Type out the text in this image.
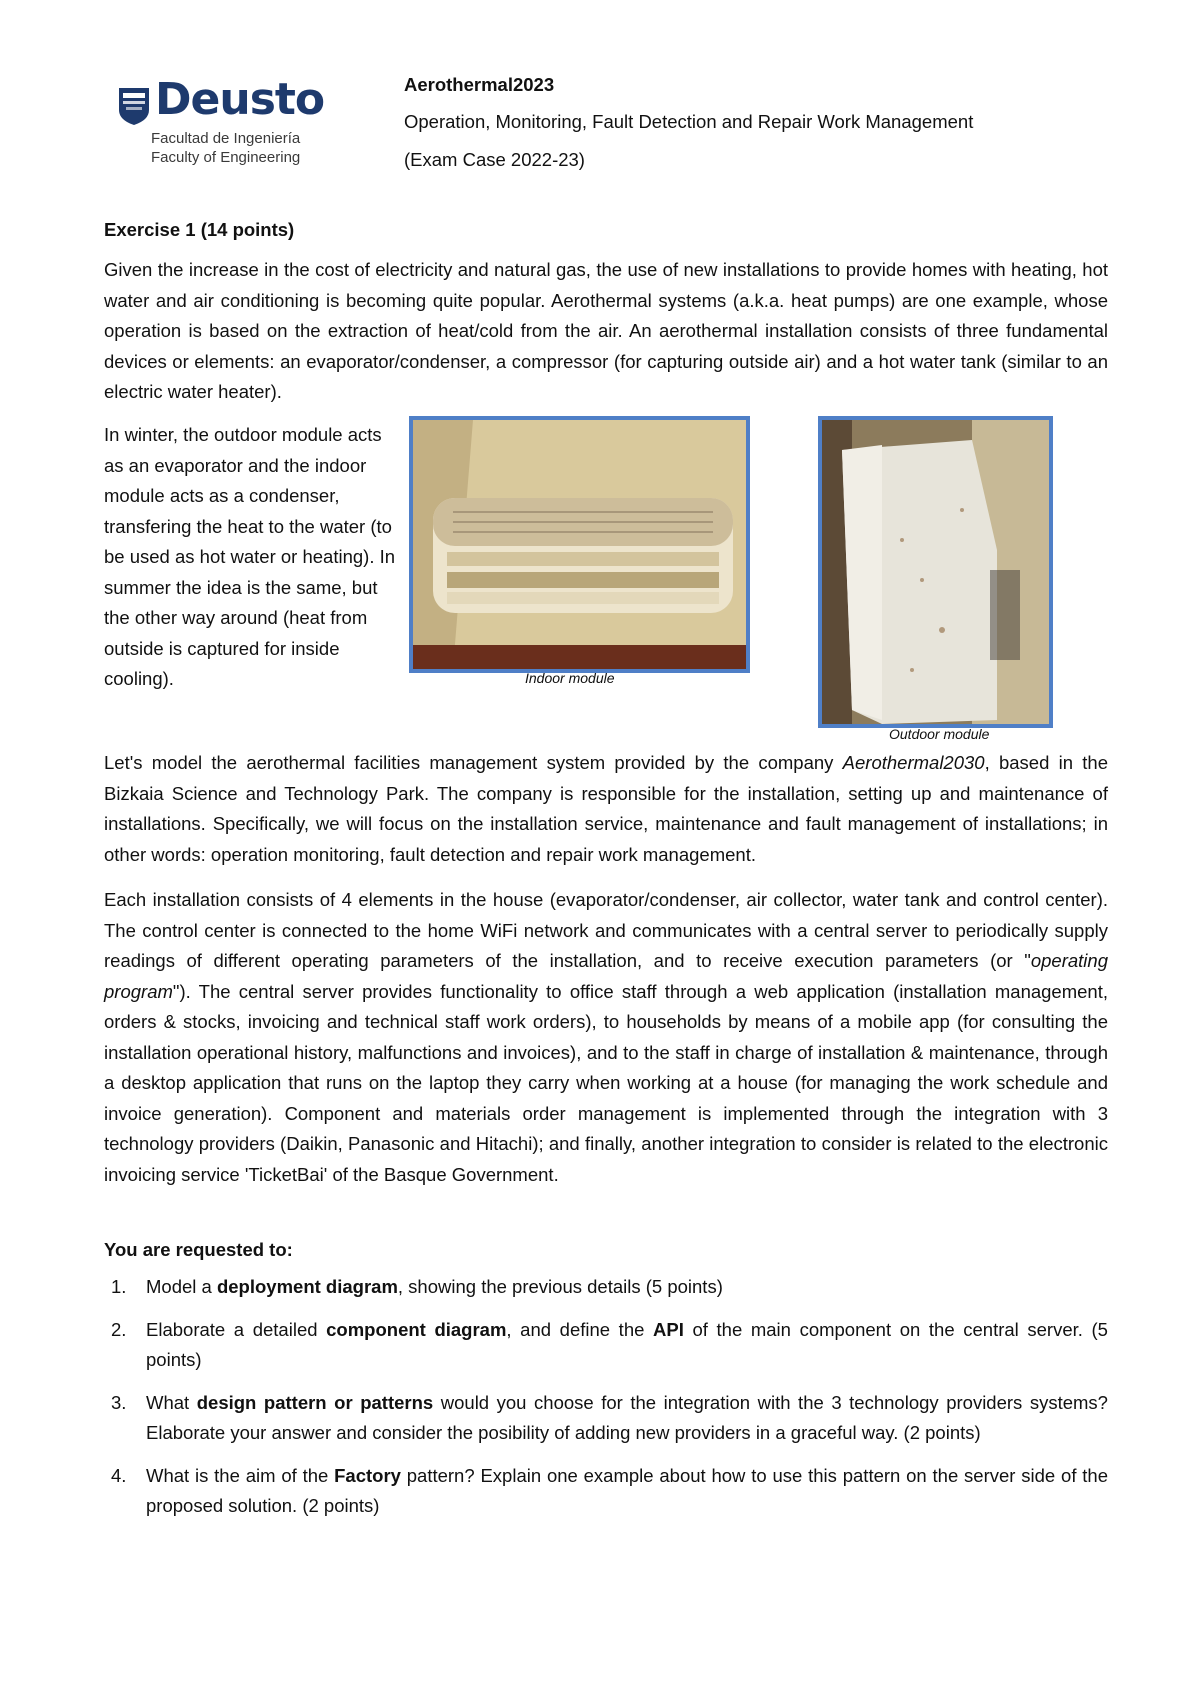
Deusto
Facultad de Ingeniería
Faculty of Engineering
Aerothermal2023
Operation, Monitoring, Fault Detection and Repair Work Management
(Exam Case 2022-23)
Exercise 1 (14 points)
Given the increase in the cost of electricity and natural gas, the use of new installations to provide homes with heating, hot water and air conditioning is becoming quite popular. Aerothermal systems (a.k.a. heat pumps) are one example, whose operation is based on the extraction of heat/cold from the air. An aerothermal installation consists of three fundamental devices or elements: an evaporator/condenser, a compressor (for capturing outside air) and a hot water tank (similar to an electric water heater).
In winter, the outdoor module acts as an evaporator and the indoor module acts as a condenser, transfering the heat to the water (to be used as hot water or heating). In summer the idea is the same, but the other way around (heat from outside is captured for inside cooling).	Indoor module
Outdoor module
Let's model the aerothermal facilities management system provided by the company Aerothermal2030, based in the Bizkaia Science and Technology Park. The company is responsible for the installation, setting up and maintenance of installations. Specifically, we will focus on the installation service, maintenance and fault management of installations; in other words: operation monitoring, fault detection and repair work management.
Each installation consists of 4 elements in the house (evaporator/condenser, air collector, water tank and control center). The control center is connected to the home WiFi network and communicates with a central server to periodically supply readings of different operating parameters of the installation, and to receive execution parameters (or "operating program"). The central server provides functionality to office staff through a web application (installation management, orders & stocks, invoicing and technical staff work orders), to households by means of a mobile app (for consulting the installation operational history, malfunctions and invoices), and to the staff in charge of installation & maintenance, through a desktop application that runs on the laptop they carry when working at a house (for managing the work schedule and invoice generation). Component and materials order management is implemented through the integration with 3 technology providers (Daikin, Panasonic and Hitachi); and finally, another integration to consider is related to the electronic invoicing service 'TicketBai' of the Basque Government.
You are requested to:
1. Model a deployment diagram, showing the previous details (5 points)
2. Elaborate a detailed component diagram, and define the API of the main component on the central server. (5 points)
3. What design pattern or patterns would you choose for the integration with the 3 technology providers systems? Elaborate your answer and consider the posibility of adding new providers in a graceful way. (2 points)
4. What is the aim of the Factory pattern? Explain one example about how to use this pattern on the server side of the proposed solution. (2 points)
